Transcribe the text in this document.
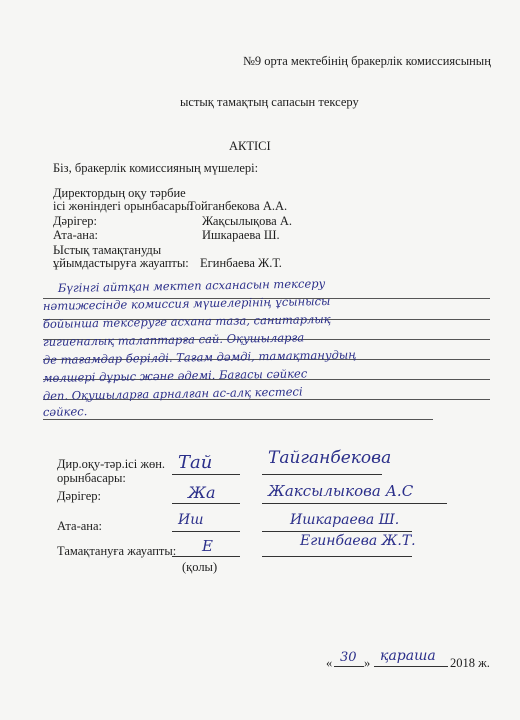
№9 орта мектебінің бракерлік комиссиясының
ыстық тамақтың сапасын тексеру
АКТІСІ
Біз, бракерлік комиссияның мүшелері:
Директордың оқу тәрбие
ісі жөніндегі орынбасары:
Тойганбекова А.А.
Дәрігер:	Жақсылықова А.
Ата-ана:	Ишкараева Ш.
Ыстық тамақтануды
ұйымдастыруға жауапты: Егинбаева Ж.Т.
Бүгінгі айтқан мектеп асханасын тексеру
нәтижесінде комиссия мүшелерінің ұсынысы
бойынша тексеруге асхана таза, санитарлық
гигиеналық талаптарға сай. Оқушыларға
де тағамдар берілді. Тағам дәмді, тамақтанудың
мөлшері дұрыс және әдемі. Бағасы сәйкес
деп. Оқушыларға арналған ас-алқ кестесі
сәйкес.
Дир.оқу-тәр.ісі жөн.
орынбасары:
Тай	Тайганбекова
Дәрігер:	Жа	Жаксылыкова А.С
Ата-ана:	Иш	Ишкараева Ш.
Тамақтануға жауапты: Е	Егинбаева Ж.Т.
(қолы)
« 30 » қараша 2018 ж.
